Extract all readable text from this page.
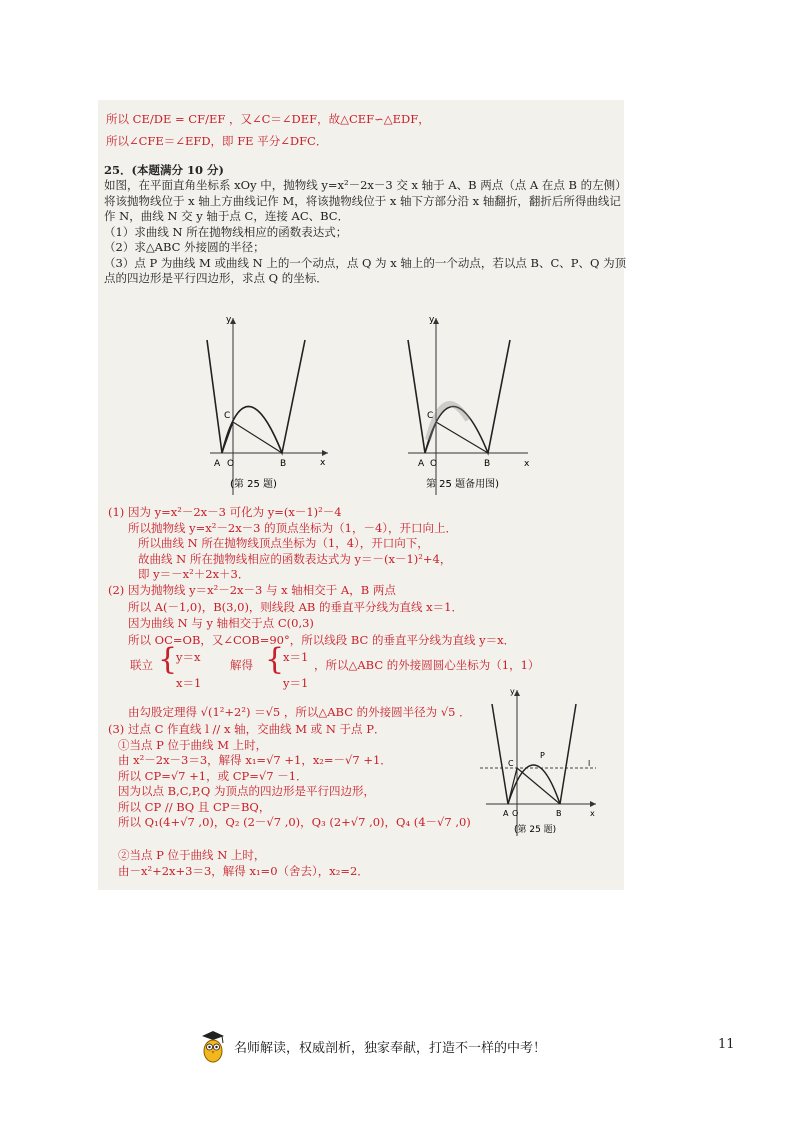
所以 CE/DE = CF/EF ，又∠C＝∠DEF，故△CEF∽△EDF，
所以∠CFE＝∠EFD，即 FE 平分∠DFC．
25．(本题满分 10 分)
如图，在平面直角坐标系 xOy 中，抛物线 y=x²－2x－3 交 x 轴于 A、B 两点（点 A 在点 B 的左侧）
将该抛物线位于 x 轴上方曲线记作 M，将该抛物线位于 x 轴下方部分沿 x 轴翻折，翻折后所得曲线记
作 N，曲线 N 交 y 轴于点 C，连接 AC、BC．
（1）求曲线 N 所在抛物线相应的函数表达式；
（2）求△ABC 外接圆的半径；
（3）点 P 为曲线 M 或曲线 N 上的一个动点，点 Q 为 x 轴上的一个动点，若以点 B、C、P、Q 为顶
点的四边形是平行四边形，求点 Q 的坐标．
y
x
C
A O	B
(第 25 题)
y
x
C
A O	B
第 25 题备用图)
y
x
C
P
l
A O	B
(第 25 题)
(1) 因为 y=x²－2x－3 可化为 y=(x－1)²－4
所以抛物线 y=x²－2x－3 的顶点坐标为（1，－4），开口向上．
所以曲线 N 所在抛物线顶点坐标为（1，4），开口向下，
故曲线 N 所在抛物线相应的函数表达式为 y＝－(x－1)²+4，
即 y＝－x²＋2x＋3．
(2) 因为抛物线 y＝x²－2x－3 与 x 轴相交于 A，B 两点
所以 A(－1,0)，B(3,0)，则线段 AB 的垂直平分线为直线 x＝1．
因为曲线 N 与 y 轴相交于点 C(0,3)
所以 OC=OB，又∠COB=90°，所以线段 BC 的垂直平分线为直线 y＝x．
联立 {
y＝x
x＝1
解得 {
x＝1
y＝1
，所以△ABC 的外接圆圆心坐标为（1，1）
由勾股定理得 √(1²+2²) ＝√5 ，所以△ABC 的外接圆半径为 √5 ．
(3) 过点 C 作直线 l // x 轴，交曲线 M 或 N 于点 P．
①当点 P 位于曲线 M 上时，
由 x²－2x－3＝3，解得 x₁=√7 +1，x₂=－√7 +1．
所以 CP=√7 +1，或 CP=√7 －1．
因为以点 B,C,P,Q 为顶点的四边形是平行四边形，
所以 CP // BQ 且 CP＝BQ，
所以 Q₁(4+√7 ,0)，Q₂ (2－√7 ,0)，Q₃ (2+√7 ,0)，Q₄ (4－√7 ,0)
②当点 P 位于曲线 N 上时，
由－x²+2x+3＝3，解得 x₁=0（舍去），x₂=2．
名师解读，权威剖析，独家奉献，打造不一样的中考！	11
